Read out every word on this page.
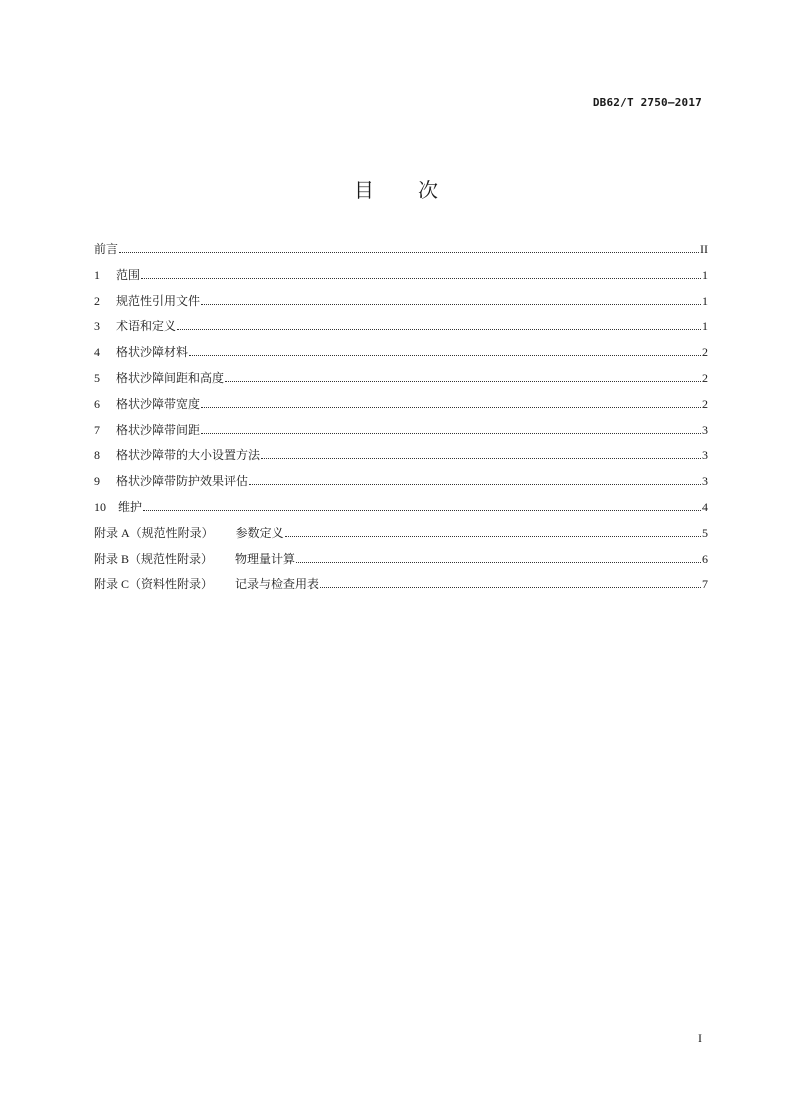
DB62/T 2750—2017
目 次
前言	II
1	范围	1
2	规范性引用文件	1
3	术语和定义	1
4	格状沙障材料	2
5	格状沙障间距和高度	2
6	格状沙障带宽度	2
7	格状沙障带间距	3
8	格状沙障带的大小设置方法	3
9	格状沙障带防护效果评估	3
10	维护	4
附录 A（规范性附录） 参数定义	5
附录 B（规范性附录） 物理量计算	6
附录 C（资料性附录） 记录与检查用表	7
I
